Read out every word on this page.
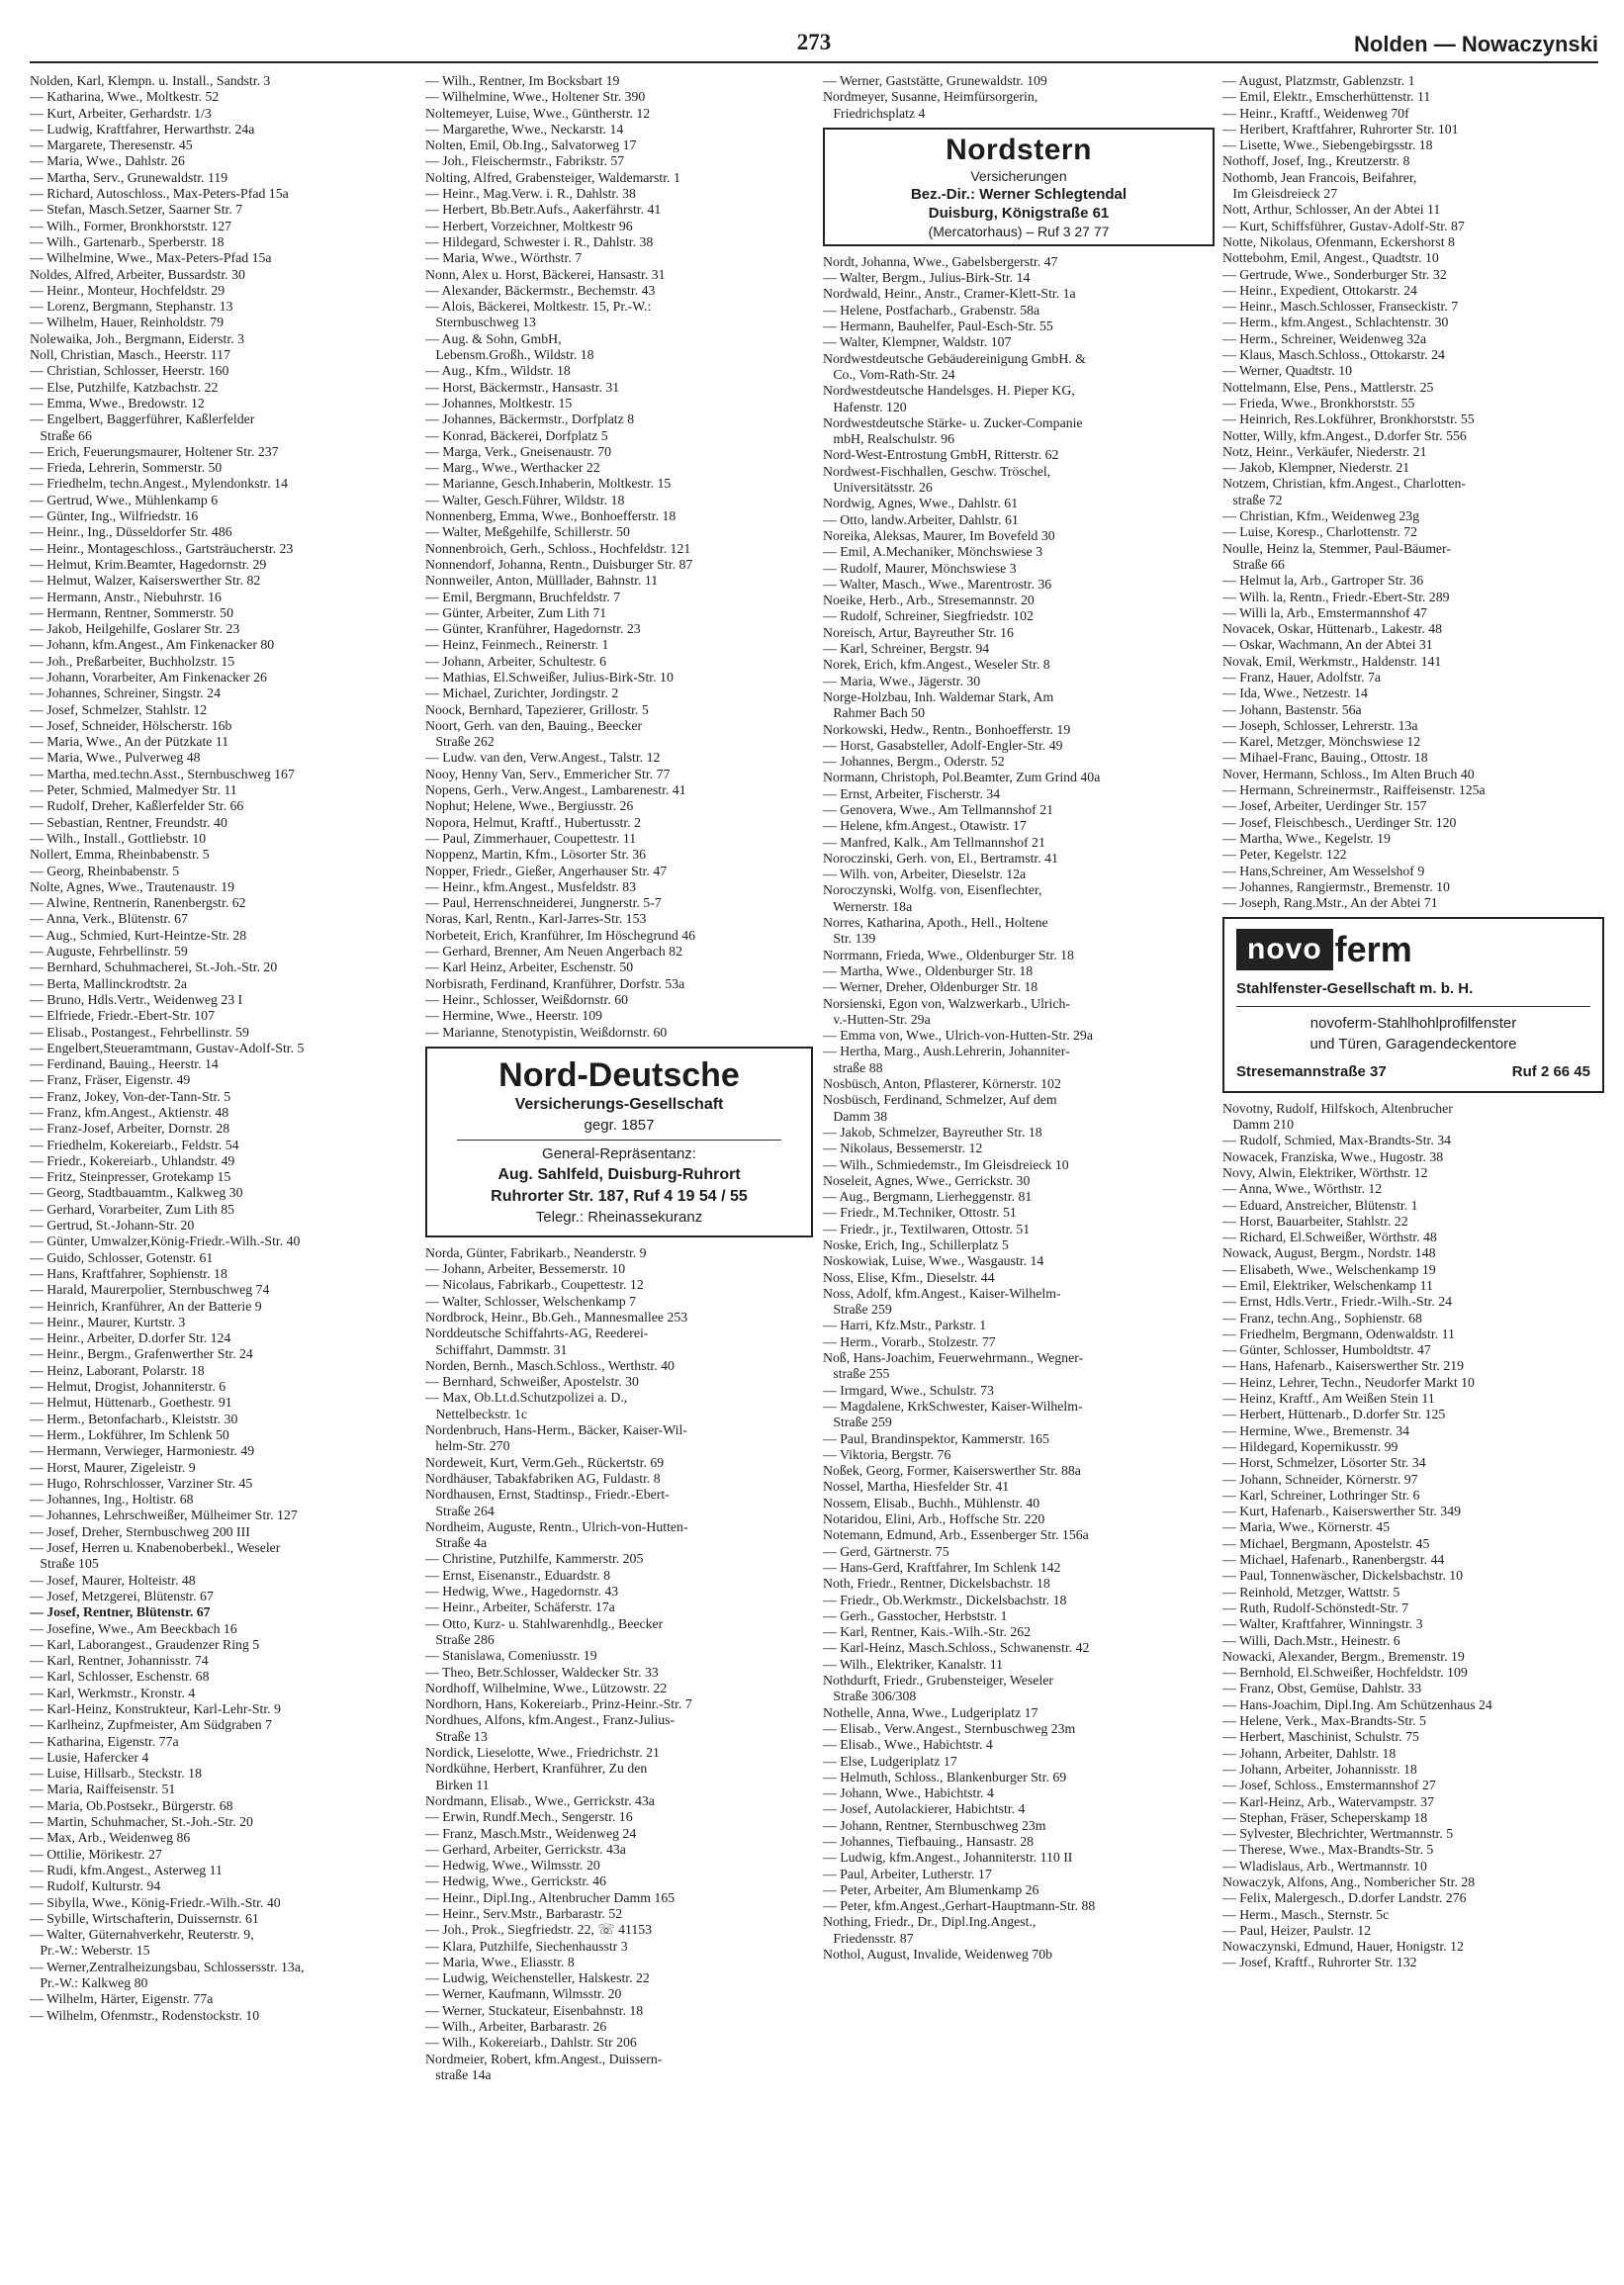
273	Nolden — Nowaczynski
Nolden, Karl, Klempn. u. Install., Sandstr. 3
— Katharina, Wwe., Moltkestr. 52
— Kurt, Arbeiter, Gerhardstr. 1/3
— Ludwig, Kraftfahrer, Herwarthstr. 24a
— Margarete, Theresenstr. 45
— Maria, Wwe., Dahlstr. 26
— Martha, Serv., Grunewaldstr. 119
— Richard, Autoschloss., Max-Peters-Pfad 15a
— Stefan, Masch.Setzer, Saarner Str. 7
— Wilh., Former, Bronkhorststr. 127
— Wilh., Gartenarb., Sperberstr. 18
— Wilhelmine, Wwe., Max-Peters-Pfad 15a
Noldes, Alfred, Arbeiter, Bussardstr. 30
— Heinr., Monteur, Hochfeldstr. 29
— Lorenz, Bergmann, Stephanstr. 13
— Wilhelm, Hauer, Reinholdstr. 79
Nolewaika, Joh., Bergmann, Eiderstr. 3
Noll, Christian, Masch., Heerstr. 117
— Christian, Schlosser, Heerstr. 160
— Else, Putzhilfe, Katzbachstr. 22
— Emma, Wwe., Bredowstr. 12
— Engelbert, Baggerführer, Kaßlerfelder
Straße 66
— Erich, Feuerungsmaurer, Holtener Str. 237
— Frieda, Lehrerin, Sommerstr. 50
— Friedhelm, techn.Angest., Mylendonkstr. 14
— Gertrud, Wwe., Mühlenkamp 6
— Günter, Ing., Wilfriedstr. 16
— Heinr., Ing., Düsseldorfer Str. 486
— Heinr., Montageschloss., Gartsträucherstr. 23
— Helmut, Krim.Beamter, Hagedornstr. 29
— Helmut, Walzer, Kaiserswerther Str. 82
— Hermann, Anstr., Niebuhrstr. 16
— Hermann, Rentner, Sommerstr. 50
— Jakob, Heilgehilfe, Goslarer Str. 23
— Johann, kfm.Angest., Am Finkenacker 80
— Joh., Preßarbeiter, Buchholzstr. 15
— Johann, Vorarbeiter, Am Finkenacker 26
— Johannes, Schreiner, Singstr. 24
— Josef, Schmelzer, Stahlstr. 12
— Josef, Schneider, Hölscherstr. 16b
— Maria, Wwe., An der Pützkate 11
— Maria, Wwe., Pulverweg 48
— Martha, med.techn.Asst., Sternbuschweg 167
— Peter, Schmied, Malmedyer Str. 11
— Rudolf, Dreher, Kaßlerfelder Str. 66
— Sebastian, Rentner, Freundstr. 40
— Wilh., Install., Gottliebstr. 10
Nollert, Emma, Rheinbabenstr. 5
— Georg, Rheinbabenstr. 5
Nolte, Agnes, Wwe., Trautenaustr. 19
— Alwine, Rentnerin, Ranenbergstr. 62
— Anna, Verk., Blütenstr. 67
— Aug., Schmied, Kurt-Heintze-Str. 28
— Auguste, Fehrbellinstr. 59
— Bernhard, Schuhmacherei, St.-Joh.-Str. 20
— Berta, Mallinckrodtstr. 2a
— Bruno, Hdls.Vertr., Weidenweg 23 I
— Elfriede, Friedr.-Ebert-Str. 107
— Elisab., Postangest., Fehrbellinstr. 59
— Engelbert,Steueramtmann, Gustav-Adolf-Str. 5
— Ferdinand, Bauing., Heerstr. 14
— Franz, Fräser, Eigenstr. 49
— Franz, Jokey, Von-der-Tann-Str. 5
— Franz, kfm.Angest., Aktienstr. 48
— Franz-Josef, Arbeiter, Dornstr. 28
— Friedhelm, Kokereiarb., Feldstr. 54
— Friedr., Kokereiarb., Uhlandstr. 49
— Fritz, Steinpresser, Grotekamp 15
— Georg, Stadtbauamtm., Kalkweg 30
— Gerhard, Vorarbeiter, Zum Lith 85
— Gertrud, St.-Johann-Str. 20
— Günter, Umwalzer,König-Friedr.-Wilh.-Str. 40
— Guido, Schlosser, Gotenstr. 61
— Hans, Kraftfahrer, Sophienstr. 18
— Harald, Maurerpolier, Sternbuschweg 74
— Heinrich, Kranführer, An der Batterie 9
— Heinr., Maurer, Kurtstr. 3
— Heinr., Arbeiter, D.dorfer Str. 124
— Heinr., Bergm., Grafenwerther Str. 24
— Heinz, Laborant, Polarstr. 18
— Helmut, Drogist, Johanniterstr. 6
— Helmut, Hüttenarb., Goethestr. 91
— Herm., Betonfacharb., Kleiststr. 30
— Herm., Lokführer, Im Schlenk 50
— Hermann, Verwieger, Harmoniestr. 49
— Horst, Maurer, Zigeleistr. 9
— Hugo, Rohrschlosser, Varziner Str. 45
— Johannes, Ing., Holtistr. 68
— Johannes, Lehrschweißer, Mülheimer Str. 127
— Josef, Dreher, Sternbuschweg 200 III
— Josef, Herren u. Knabenoberbekl., Weseler
Straße 105
— Josef, Maurer, Holteistr. 48
— Josef, Metzgerei, Blütenstr. 67
— Josef, Rentner, Blütenstr. 67
— Josefine, Wwe., Am Beeckbach 16
— Karl, Laborangest., Graudenzer Ring 5
— Karl, Rentner, Johannisstr. 74
— Karl, Schlosser, Eschenstr. 68
— Karl, Werkmstr., Kronstr. 4
— Karl-Heinz, Konstrukteur, Karl-Lehr-Str. 9
— Karlheinz, Zupfmeister, Am Südgraben 7
— Katharina, Eigenstr. 77a
— Lusie, Hafercker 4
— Luise, Hillsarb., Steckstr. 18
— Maria, Raiffeisenstr. 51
— Maria, Ob.Postsekr., Bürgerstr. 68
— Martin, Schuhmacher, St.-Joh.-Str. 20
— Max, Arb., Weidenweg 86
— Ottilie, Mörikestr. 27
— Rudi, kfm.Angest., Asterweg 11
— Rudolf, Kulturstr. 94
— Sibylla, Wwe., König-Friedr.-Wilh.-Str. 40
— Sybille, Wirtschafterin, Duissernstr. 61
— Walter, Güternahverkehr, Reuterstr. 9,
Pr.-W.: Weberstr. 15
— Werner,Zentralheizungsbau, Schlossersstr. 13a,
Pr.-W.: Kalkweg 80
— Wilhelm, Härter, Eigenstr. 77a
— Wilhelm, Ofenmstr., Rodenstockstr. 10
— Wilh., Rentner, Im Bocksbart 19
— Wilhelmine, Wwe., Holtener Str. 390
Noltemeyer, Luise, Wwe., Güntherstr. 12
— Margarethe, Wwe., Neckarstr. 14
Nolten, Emil, Ob.Ing., Salvatorweg 17
— Joh., Fleischermstr., Fabrikstr. 57
Nolting, Alfred, Grabensteiger, Waldemarstr. 1
— Heinr., Mag.Verw. i. R., Dahlstr. 38
— Herbert, Bb.Betr.Aufs., Aakerfährstr. 41
— Herbert, Vorzeichner, Moltkestr 96
— Hildegard, Schwester i. R., Dahlstr. 38
— Maria, Wwe., Wörthstr. 7
Nonn, Alex u. Horst, Bäckerei, Hansastr. 31
— Alexander, Bäckermstr., Bechemstr. 43
— Alois, Bäckerei, Moltkestr. 15, Pr.-W.:
Sternbuschweg 13
— Aug. & Sohn, GmbH,
Lebensm.Großh., Wildstr. 18
— Aug., Kfm., Wildstr. 18
— Horst, Bäckermstr., Hansastr. 31
— Johannes, Moltkestr. 15
— Johannes, Bäckermstr., Dorfplatz 8
— Konrad, Bäckerei, Dorfplatz 5
— Marga, Verk., Gneisenaustr. 70
— Marg., Wwe., Werthacker 22
— Marianne, Gesch.Inhaberin, Moltkestr. 15
— Walter, Gesch.Führer, Wildstr. 18
Nonnenberg, Emma, Wwe., Bonhoefferstr. 18
— Walter, Meßgehilfe, Schillerstr. 50
Nonnenbroich, Gerh., Schloss., Hochfeldstr. 121
Nonnendorf, Johanna, Rentn., Duisburger Str. 87
Nonnweiler, Anton, Mülllader, Bahnstr. 11
— Emil, Bergmann, Bruchfeldstr. 7
— Günter, Arbeiter, Zum Lith 71
— Günter, Kranführer, Hagedornstr. 23
— Heinz, Feinmech., Reinerstr. 1
— Johann, Arbeiter, Schultestr. 6
— Mathias, El.Schweißer, Julius-Birk-Str. 10
— Michael, Zurichter, Jordingstr. 2
Noock, Bernhard, Tapezierer, Grillostr. 5
Noort, Gerh. van den, Bauing., Beecker
Straße 262
— Ludw. van den, Verw.Angest., Talstr. 12
Nooy, Henny Van, Serv., Emmericher Str. 77
Nopens, Gerh., Verw.Angest., Lambarenestr. 41
Nophut; Helene, Wwe., Bergiusstr. 26
Nopora, Helmut, Kraftf., Hubertusstr. 2
— Paul, Zimmerhauer, Coupettestr. 11
Noppenz, Martin, Kfm., Lösorter Str. 36
Nopper, Friedr., Gießer, Angerhauser Str. 47
— Heinr., kfm.Angest., Musfeldstr. 83
— Paul, Herrenschneiderei, Jungnerstr. 5-7
Noras, Karl, Rentn., Karl-Jarres-Str. 153
Norbeteit, Erich, Kranführer, Im Höschegrund 46
— Gerhard, Brenner, Am Neuen Angerbach 82
— Karl Heinz, Arbeiter, Eschenstr. 50
Norbisrath, Ferdinand, Kranführer, Dorfstr. 53a
— Heinr., Schlosser, Weißdornstr. 60
— Hermine, Wwe., Heerstr. 109
— Marianne, Stenotypistin, Weißdornstr. 60
Nord-Deutsche
Versicherungs-Gesellschaft
gegr. 1857
General-Repräsentanz:
Aug. Sahlfeld, Duisburg-Ruhrort
Ruhrorter Str. 187, Ruf 4 19 54 / 55
Telegr.: Rheinassekuranz
Norda, Günter, Fabrikarb., Neanderstr. 9
— Johann, Arbeiter, Bessemerstr. 10
— Nicolaus, Fabrikarb., Coupettestr. 12
— Walter, Schlosser, Welschenkamp 7
Nordbrock, Heinr., Bb.Geh., Mannesmallee 253
Norddeutsche Schiffahrts-AG, Reederei-
Schiffahrt, Dammstr. 31
Norden, Bernh., Masch.Schloss., Werthstr. 40
— Bernhard, Schweißer, Apostelstr. 30
— Max, Ob.Lt.d.Schutzpolizei a. D.,
Nettelbeckstr. 1c
Nordenbruch, Hans-Herm., Bäcker, Kaiser-Wil-
helm-Str. 270
Nordeweit, Kurt, Verm.Geh., Rückertstr. 69
Nordhäuser, Tabakfabriken AG, Fuldastr. 8
Nordhausen, Ernst, Stadtinsp., Friedr.-Ebert-
Straße 264
Nordheim, Auguste, Rentn., Ulrich-von-Hutten-
Straße 4a
— Christine, Putzhilfe, Kammerstr. 205
— Ernst, Eisenanstr., Eduardstr. 8
— Hedwig, Wwe., Hagedornstr. 43
— Heinr., Arbeiter, Schäferstr. 17a
— Otto, Kurz- u. Stahlwarenhdlg., Beecker
Straße 286
— Stanislawa, Comeniusstr. 19
— Theo, Betr.Schlosser, Waldecker Str. 33
Nordhoff, Wilhelmine, Wwe., Lützowstr. 22
Nordhorn, Hans, Kokereiarb., Prinz-Heinr.-Str. 7
Nordhues, Alfons, kfm.Angest., Franz-Julius-
Straße 13
Nordick, Lieselotte, Wwe., Friedrichstr. 21
Nordkühne, Herbert, Kranführer, Zu den
Birken 11
Nordmann, Elisab., Wwe., Gerrickstr. 43a
— Erwin, Rundf.Mech., Sengerstr. 16
— Franz, Masch.Mstr., Weidenweg 24
— Gerhard, Arbeiter, Gerrickstr. 43a
— Hedwig, Wwe., Wilmsstr. 20
— Hedwig, Wwe., Gerrickstr. 46
— Heinr., Dipl.Ing., Altenbrucher Damm 165
— Heinr., Serv.Mstr., Barbarastr. 52
— Joh., Prok., Siegfriedstr. 22, ☏ 41153
— Klara, Putzhilfe, Siechenhausstr 3
— Maria, Wwe., Eliasstr. 8
— Ludwig, Weichensteller, Halskestr. 22
— Werner, Kaufmann, Wilmsstr. 20
— Werner, Stuckateur, Eisenbahnstr. 18
— Wilh., Arbeiter, Barbarastr. 26
— Wilh., Kokereiarb., Dahlstr. Str 206
Nordmeier, Robert, kfm.Angest., Duissern-
straße 14a
— Werner, Gaststätte, Grunewaldstr. 109
Nordmeyer, Susanne, Heimfürsorgerin,
Friedrichsplatz 4
Nordstern
Versicherungen
Bez.-Dir.: Werner Schlegtendal
Duisburg, Königstraße 61
(Mercatorhaus) – Ruf 3 27 77
Nordt, Johanna, Wwe., Gabelsbergerstr. 47
— Walter, Bergm., Julius-Birk-Str. 14
Nordwald, Heinr., Anstr., Cramer-Klett-Str. 1a
— Helene, Postfacharb., Grabenstr. 58a
— Hermann, Bauhelfer, Paul-Esch-Str. 55
— Walter, Klempner, Waldstr. 107
Nordwestdeutsche Gebäudereinigung GmbH. &
Co., Vom-Rath-Str. 24
Nordwestdeutsche Handelsges. H. Pieper KG,
Hafenstr. 120
Nordwestdeutsche Stärke- u. Zucker-Companie
mbH, Realschulstr. 96
Nord-West-Entrostung GmbH, Ritterstr. 62
Nordwest-Fischhallen, Geschw. Tröschel,
Universitätsstr. 26
Nordwig, Agnes, Wwe., Dahlstr. 61
— Otto, landw.Arbeiter, Dahlstr. 61
Noreika, Aleksas, Maurer, Im Bovefeld 30
— Emil, A.Mechaniker, Mönchswiese 3
— Rudolf, Maurer, Mönchswiese 3
— Walter, Masch., Wwe., Marentrostr. 36
Noeike, Herb., Arb., Stresemannstr. 20
— Rudolf, Schreiner, Siegfriedstr. 102
Noreisch, Artur, Bayreuther Str. 16
— Karl, Schreiner, Bergstr. 94
Norek, Erich, kfm.Angest., Weseler Str. 8
— Maria, Wwe., Jägerstr. 30
Norge-Holzbau, Inh. Waldemar Stark, Am
Rahmer Bach 50
Norkowski, Hedw., Rentn., Bonhoefferstr. 19
— Horst, Gasabsteller, Adolf-Engler-Str. 49
— Johannes, Bergm., Oderstr. 52
Normann, Christoph, Pol.Beamter, Zum Grind 40a
— Ernst, Arbeiter, Fischerstr. 34
— Genovera, Wwe., Am Tellmannshof 21
— Helene, kfm.Angest., Otawistr. 17
— Manfred, Kalk., Am Tellmannshof 21
Noroczinski, Gerh. von, El., Bertramstr. 41
— Wilh. von, Arbeiter, Dieselstr. 12a
Noroczynski, Wolfg. von, Eisenflechter,
Wernerstr. 18a
Norres, Katharina, Apoth., Hell., Holtene
Str. 139
Norrmann, Frieda, Wwe., Oldenburger Str. 18
— Martha, Wwe., Oldenburger Str. 18
— Werner, Dreher, Oldenburger Str. 18
Norsienski, Egon von, Walzwerkarb., Ulrich-
v.-Hutten-Str. 29a
— Emma von, Wwe., Ulrich-von-Hutten-Str. 29a
— Hertha, Marg., Aush.Lehrerin, Johanniter-
straße 88
Nosbüsch, Anton, Pflasterer, Körnerstr. 102
Nosbüsch, Ferdinand, Schmelzer, Auf dem
Damm 38
— Jakob, Schmelzer, Bayreuther Str. 18
— Nikolaus, Bessemerstr. 12
— Wilh., Schmiedemstr., Im Gleisdreieck 10
Noseleit, Agnes, Wwe., Gerrickstr. 30
— Aug., Bergmann, Lierheggenstr. 81
— Friedr., M.Techniker, Ottostr. 51
— Friedr., jr., Textilwaren, Ottostr. 51
Noske, Erich, Ing., Schillerplatz 5
Noskowiak, Luise, Wwe., Wasgaustr. 14
Noss, Elise, Kfm., Dieselstr. 44
Noss, Adolf, kfm.Angest., Kaiser-Wilhelm-
Straße 259
— Harri, Kfz.Mstr., Parkstr. 1
— Herm., Vorarb., Stolzestr. 77
Noß, Hans-Joachim, Feuerwehrmann., Wegner-
straße 255
— Irmgard, Wwe., Schulstr. 73
— Magdalene, KrkSchwester, Kaiser-Wilhelm-
Straße 259
— Paul, Brandinspektor, Kammerstr. 165
— Viktoria, Bergstr. 76
Noßek, Georg, Former, Kaiserswerther Str. 88a
Nossel, Martha, Hiesfelder Str. 41
Nossem, Elisab., Buchh., Mühlenstr. 40
Notaridou, Elini, Arb., Hoffsche Str. 220
Notemann, Edmund, Arb., Essenberger Str. 156a
— Gerd, Gärtnerstr. 75
— Hans-Gerd, Kraftfahrer, Im Schlenk 142
Noth, Friedr., Rentner, Dickelsbachstr. 18
— Friedr., Ob.Werkmstr., Dickelsbachstr. 18
— Gerh., Gasstocher, Herbststr. 1
— Karl, Rentner, Kais.-Wilh.-Str. 262
— Karl-Heinz, Masch.Schloss., Schwanenstr. 42
— Wilh., Elektriker, Kanalstr. 11
Nothdurft, Friedr., Grubensteiger, Weseler
Straße 306/308
Nothelle, Anna, Wwe., Ludgeriplatz 17
— Elisab., Verw.Angest., Sternbuschweg 23m
— Elisab., Wwe., Habichtstr. 4
— Else, Ludgeriplatz 17
— Helmuth, Schloss., Blankenburger Str. 69
— Johann, Wwe., Habichtstr. 4
— Josef, Autolackierer, Habichtstr. 4
— Johann, Rentner, Sternbuschweg 23m
— Johannes, Tiefbauing., Hansastr. 28
— Ludwig, kfm.Angest., Johanniterstr. 110 II
— Paul, Arbeiter, Lutherstr. 17
— Peter, Arbeiter, Am Blumenkamp 26
— Peter, kfm.Angest.,Gerhart-Hauptmann-Str. 88
Nothing, Friedr., Dr., Dipl.Ing.Angest.,
Friedensstr. 87
Nothol, August, Invalide, Weidenweg 70b
— August, Platzmstr, Gablenzstr. 1
— Emil, Elektr., Emscherhüttenstr. 11
— Heinr., Kraftf., Weidenweg 70f
— Heribert, Kraftfahrer, Ruhrorter Str. 101
— Lisette, Wwe., Siebengebirgsstr. 18
Nothoff, Josef, Ing., Kreutzerstr. 8
Nothomb, Jean Francois, Beifahrer,
Im Gleisdreieck 27
Nott, Arthur, Schlosser, An der Abtei 11
— Kurt, Schiffsführer, Gustav-Adolf-Str. 87
Notte, Nikolaus, Ofenmann, Eckershorst 8
Nottebohm, Emil, Angest., Quadtstr. 10
— Gertrude, Wwe., Sonderburger Str. 32
— Heinr., Expedient, Ottokarstr. 24
— Heinr., Masch.Schlosser, Franseckistr. 7
— Herm., kfm.Angest., Schlachtenstr. 30
— Herm., Schreiner, Weidenweg 32a
— Klaus, Masch.Schloss., Ottokarstr. 24
— Werner, Quadtstr. 10
Nottelmann, Else, Pens., Mattlerstr. 25
— Frieda, Wwe., Bronkhorststr. 55
— Heinrich, Res.Lokführer, Bronkhorststr. 55
Notter, Willy, kfm.Angest., D.dorfer Str. 556
Notz, Heinr., Verkäufer, Niederstr. 21
— Jakob, Klempner, Niederstr. 21
Notzem, Christian, kfm.Angest., Charlotten-
straße 72
— Christian, Kfm., Weidenweg 23g
— Luise, Koresp., Charlottenstr. 72
Noulle, Heinz la, Stemmer, Paul-Bäumer-
Straße 66
— Helmut la, Arb., Gartroper Str. 36
— Wilh. la, Rentn., Friedr.-Ebert-Str. 289
— Willi la, Arb., Emstermannshof 47
Novacek, Oskar, Hüttenarb., Lakestr. 48
— Oskar, Wachmann, An der Abtei 31
Novak, Emil, Werkmstr., Haldenstr. 141
— Franz, Hauer, Adolfstr. 7a
— Ida, Wwe., Netzestr. 14
— Johann, Bastenstr. 56a
— Joseph, Schlosser, Lehrerstr. 13a
— Karel, Metzger, Mönchswiese 12
— Mihael-Franc, Bauing., Ottostr. 18
Nover, Hermann, Schloss., Im Alten Bruch 40
— Hermann, Schreinermstr., Raiffeisenstr. 125a
— Josef, Arbeiter, Uerdinger Str. 157
— Josef, Fleischbesch., Uerdinger Str. 120
— Martha, Wwe., Kegelstr. 19
— Peter, Kegelstr. 122
— Hans,Schreiner, Am Wesselshof 9
— Johannes, Rangiermstr., Bremenstr. 10
— Joseph, Rang.Mstr., An der Abtei 71
novo ferm
Stahlfenster-Gesellschaft m. b. H.
novoferm-Stahlhohlprofilfenster
und Türen, Garagendeckentore
Stresemannstraße 37	Ruf 2 66 45
Novotny, Rudolf, Hilfskoch, Altenbrucher
Damm 210
— Rudolf, Schmied, Max-Brandts-Str. 34
Nowacek, Franziska, Wwe., Hugostr. 38
Novy, Alwin, Elektriker, Wörthstr. 12
— Anna, Wwe., Wörthstr. 12
— Eduard, Anstreicher, Blütenstr. 1
— Horst, Bauarbeiter, Stahlstr. 22
— Richard, El.Schweißer, Wörthstr. 48
Nowack, August, Bergm., Nordstr. 148
— Elisabeth, Wwe., Welschenkamp 19
— Emil, Elektriker, Welschenkamp 11
— Ernst, Hdls.Vertr., Friedr.-Wilh.-Str. 24
— Franz, techn.Ang., Sophienstr. 68
— Friedhelm, Bergmann, Odenwaldstr. 11
— Günter, Schlosser, Humboldtstr. 47
— Hans, Hafenarb., Kaiserswerther Str. 219
— Heinz, Lehrer, Techn., Neudorfer Markt 10
— Heinz, Kraftf., Am Weißen Stein 11
— Herbert, Hüttenarb., D.dorfer Str. 125
— Hermine, Wwe., Bremenstr. 34
— Hildegard, Kopernikusstr. 99
— Horst, Schmelzer, Lösorter Str. 34
— Johann, Schneider, Körnerstr. 97
— Karl, Schreiner, Lothringer Str. 6
— Kurt, Hafenarb., Kaiserswerther Str. 349
— Maria, Wwe., Körnerstr. 45
— Michael, Bergmann, Apostelstr. 45
— Michael, Hafenarb., Ranenbergstr. 44
— Paul, Tonnenwäscher, Dickelsbachstr. 10
— Reinhold, Metzger, Wattstr. 5
— Ruth, Rudolf-Schönstedt-Str. 7
— Walter, Kraftfahrer, Winningstr. 3
— Willi, Dach.Mstr., Heinestr. 6
Nowacki, Alexander, Bergm., Bremenstr. 19
— Bernhold, El.Schweißer, Hochfeldstr. 109
— Franz, Obst, Gemüse, Dahlstr. 33
— Hans-Joachim, Dipl.Ing. Am Schützenhaus 24
— Helene, Verk., Max-Brandts-Str. 5
— Herbert, Maschinist, Schulstr. 75
— Johann, Arbeiter, Dahlstr. 18
— Johann, Arbeiter, Johannisstr. 18
— Josef, Schloss., Emstermannshof 27
— Karl-Heinz, Arb., Watervampstr. 37
— Stephan, Fräser, Scheperskamp 18
— Sylvester, Blechrichter, Wertmannstr. 5
— Therese, Wwe., Max-Brandts-Str. 5
— Wladislaus, Arb., Wertmannstr. 10
Nowaczyk, Alfons, Ang., Nombericher Str. 28
— Felix, Malergesch., D.dorfer Landstr. 276
— Herm., Masch., Sternstr. 5c
— Paul, Heizer, Paulstr. 12
Nowaczynski, Edmund, Hauer, Honigstr. 12
— Josef, Kraftf., Ruhrorter Str. 132
